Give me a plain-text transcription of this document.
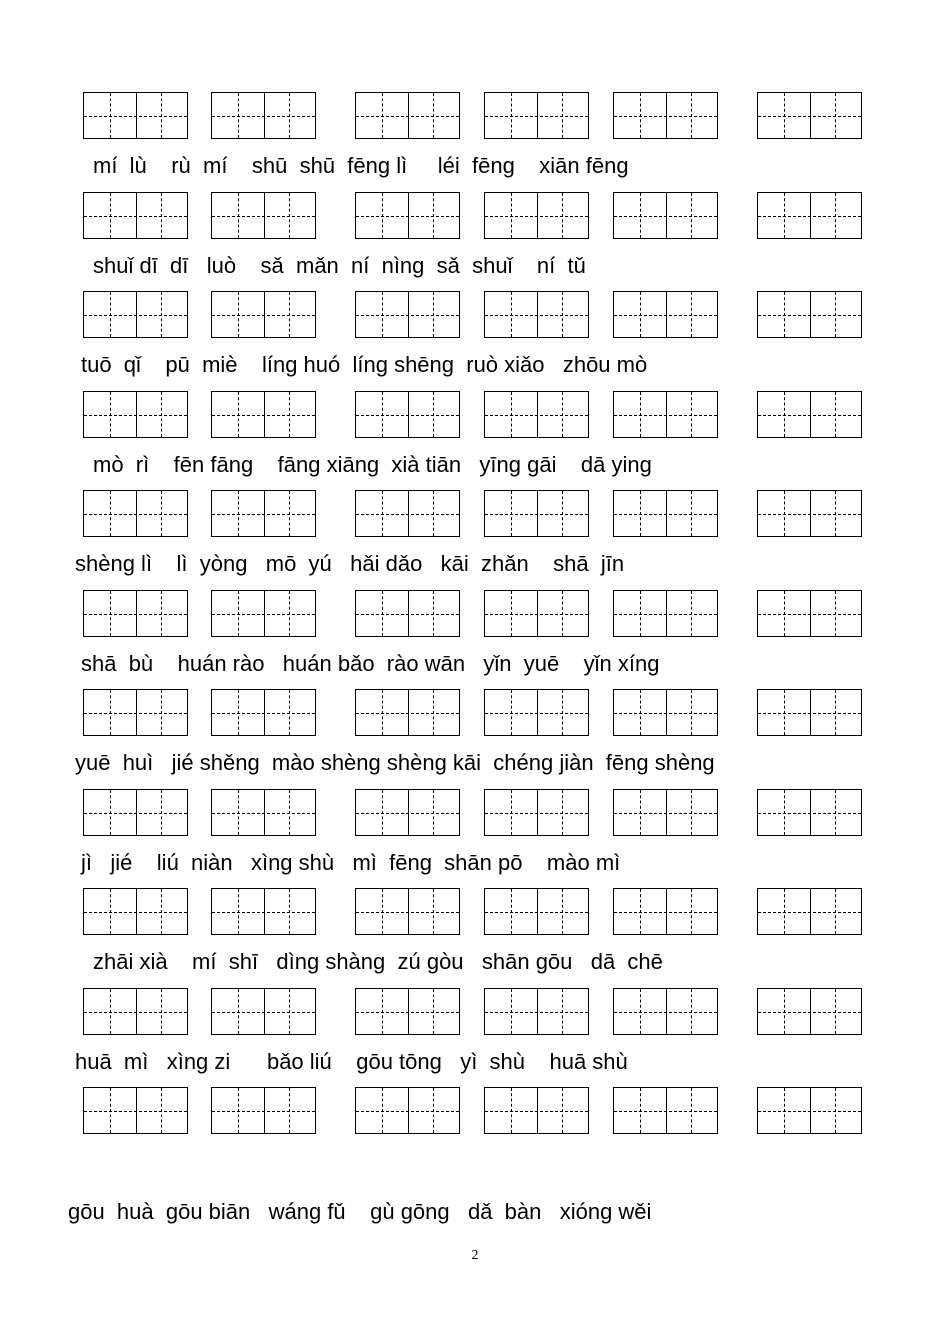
mí  lù    rù  mí    shū  shū  fēng lì     léi  fēng    xiān fēng
shuǐ dī  dī   luò    sǎ  mǎn  ní  nìng  sǎ  shuǐ    ní  tǔ
tuō  qǐ    pū  miè    líng huó  líng shēng  ruò xiǎo   zhōu mò
mò  rì    fēn fāng    fāng xiāng  xià tiān   yīng gāi    dā ying
shèng lì    lì  yòng   mō  yú   hǎi dǎo   kāi  zhǎn    shā  jīn
shā  bù    huán rào   huán bǎo  rào wān   yǐn  yuē    yǐn xíng
yuē  huì   jié shěng  mào shèng shèng kāi  chéng jiàn  fēng shèng
jì   jié    liú  niàn   xìng shù   mì  fēng  shān pō    mào mì
zhāi xià    mí  shī   dìng shàng  zú gòu   shān gōu   dā  chē
huā  mì   xìng zi      bǎo liú    gōu tōng   yì  shù    huā shù
gōu  huà  gōu biān   wáng fǔ    gù gōng   dǎ  bàn   xióng wěi
2
